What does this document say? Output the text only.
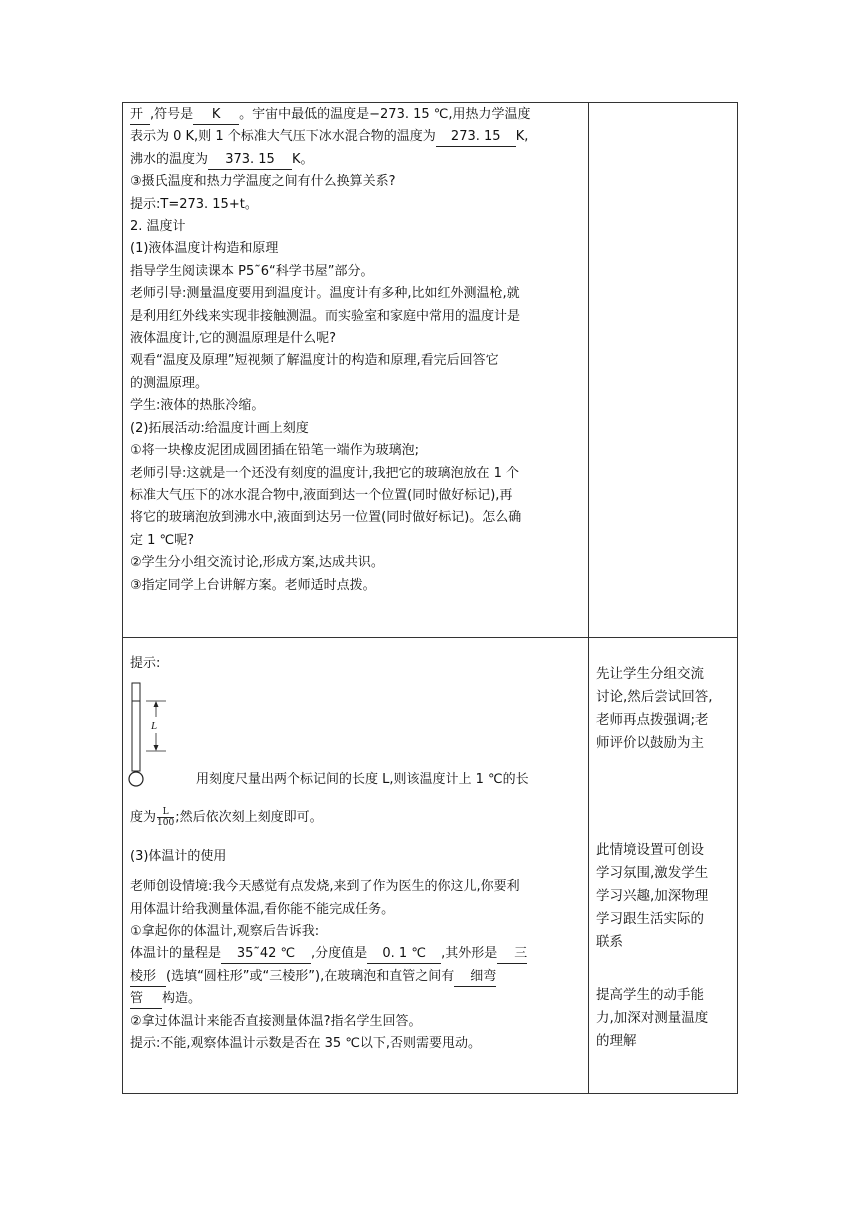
开 ,符号是 K 。宇宙中最低的温度是−273. 15 ℃,用热力学温度

表示为 0 K,则 1 个标准大气压下冰水混合物的温度为 273. 15 K,

沸水的温度为 373. 15 K。

③摄氏温度和热力学温度之间有什么换算关系?

提示:T=273. 15+t。

2. 温度计

(1)液体温度计构造和原理

指导学生阅读课本 P5˜6“科学书屋”部分。

老师引导:测量温度要用到温度计。温度计有多种,比如红外测温枪,就

是利用红外线来实现非接触测温。而实验室和家庭中常用的温度计是

液体温度计,它的测温原理是什么呢?

观看“温度及原理”短视频了解温度计的构造和原理,看完后回答它

的测温原理。

学生:液体的热胀冷缩。

(2)拓展活动:给温度计画上刻度

①将一块橡皮泥团成圆团插在铅笔一端作为玻璃泡;

老师引导:这就是一个还没有刻度的温度计,我把它的玻璃泡放在 1 个

标准大气压下的冰水混合物中,液面到达一个位置(同时做好标记),再

将它的玻璃泡放到沸水中,液面到达另一位置(同时做好标记)。怎么确

定 1 ℃呢?

②学生分小组交流讨论,形成方案,达成共识。

③指定同学上台讲解方案。老师适时点拨。

提示:

L

用刻度尺量出两个标记间的长度 L,则该温度计上 1 ℃的长

度为 $\frac{L}{100}$ ;然后依次刻上刻度即可。

(3)体温计的使用

老师创设情境:我今天感觉有点发烧,来到了作为医生的你这儿,你要利

用体温计给我测量体温,看你能不能完成任务。

①拿起你的体温计,观察后告诉我:

体温计的量程是 35˜42 ℃ ,分度值是 0. 1 ℃ ,其外形是 三

棱形 (选填“圆柱形”或“三棱形”),在玻璃泡和直管之间有 细弯

管 构造。

②拿过体温计来能否直接测量体温?指名学生回答。

提示:不能,观察体温计示数是否在 35 ℃以下,否则需要甩动。

先让学生分组交流

讨论,然后尝试回答,

老师再点拨强调;老

师评价以鼓励为主

此情境设置可创设

学习氛围,激发学生

学习兴趣,加深物理

学习跟生活实际的

联系

提高学生的动手能

力,加深对测量温度

的理解
